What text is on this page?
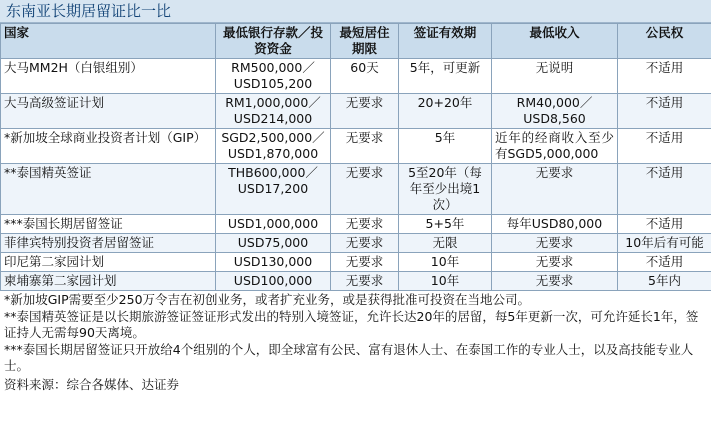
东南亚长期居留证比一比
国家	最低银行存款／投资资金	最短居住期限	签证有效期	最低收入	公民权
大马MM2H（白银组别）	RM500,000／USD105,200	60天	5年，可更新	无说明	不适用
大马高级签证计划	RM1,000,000／USD214,000	无要求	20+20年	RM40,000／USD8,560	不适用
*新加坡全球商业投资者计划（GIP）	SGD2,500,000／USD1,870,000	无要求	5年	近年的经商收入至少有SGD5,000,000	不适用
**泰国精英签证	THB600,000／USD17,200	无要求	5至20年（每年至少出境1次）	无要求	不适用
***泰国长期居留签证	USD1,000,000	无要求	5+5年	每年USD80,000	不适用
菲律宾特别投资者居留签证	USD75,000	无要求	无限	无要求	10年后有可能
印尼第二家园计划	USD130,000	无要求	10年	无要求	不适用
柬埔寨第二家园计划	USD100,000	无要求	10年	无要求	5年内

*新加坡GIP需要至少250万令吉在初创业务，或者扩充业务，或是获得批准可投资在当地公司。

**泰国精英签证是以长期旅游签证签证形式发出的特别入境签证，允许长达20年的居留，每5年更新一次，可允许延长1年，签证持人无需每90天离境。

***泰国长期居留签证只开放给4个组别的个人，即全球富有公民、富有退休人士、在泰国工作的专业人士，以及高技能专业人士。

资料来源：综合各媒体、达证券
